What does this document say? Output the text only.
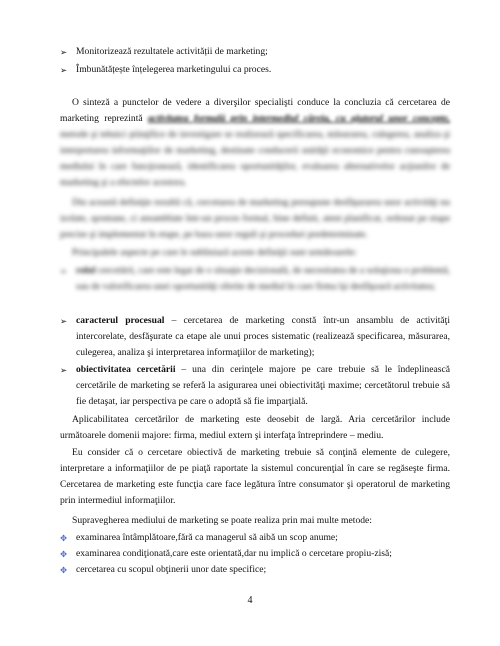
➢ Monitorizează rezultatele activității de marketing;
➢ Îmbunătățește înțelegerea marketingului ca proces.

O sinteză a punctelor de vedere a diverşilor specialişti conduce la concluzia că cercetarea de marketing reprezintă activitatea formală prin intermediul căreia, cu ajutorul unor concepte, metode şi tehnici ştiinţifice de investigare se realizează specificarea, măsurarea, culegerea, analiza şi interpretarea informaţiilor de marketing, destinate conducerii unităţii economice pentru cunoaşterea mediului în care funcţionează, identificarea oportunităţilor, evaluarea alternativelor acţiunilor de marketing şi a efectelor acestora.

Din această definiţie rezultă că, cercetarea de marketing presupune desfăşurarea unor activităţi nu izolate, spontane, ci ansamblate într-un proces formal, bine definit, atent planificat, ordonat pe etape precise şi implementat în etape, pe baza unor reguli şi proceduri predeterminate.

Principalele aspecte pe care le subliniază aceste definiţii sunt următoarele:

➢ rolul cercetării, care este legat de o situaţie decizională, de necesitatea de a soluţiona o problemă, sau de valorificarea unei oportunităţi oferite de mediul în care firma îşi desfăşoară activitatea;
➢ caracterul procesual – cercetarea de marketing constă într-un ansamblu de activităţi intercorelate, desfăşurate ca etape ale unui proces sistematic (realizează specificarea, măsurarea, culegerea, analiza şi interpretarea informaţiilor de marketing);
➢ obiectivitatea cercetării – una din cerinţele majore pe care trebuie să le îndeplinească cercetările de marketing se referă la asigurarea unei obiectivităţi maxime; cercetătorul trebuie să fie detaşat, iar perspectiva pe care o adoptă să fie imparţială.

Aplicabilitatea cercetărilor de marketing este deosebit de largă. Aria cercetărilor include următoarele domenii majore: firma, mediul extern şi interfaţa întreprindere – mediu.

Eu consider că o cercetare obiectivă de marketing trebuie să conţină elemente de culegere, interpretare a informaţiilor de pe piaţă raportate la sistemul concurenţial în care se regăseşte firma. Cercetarea de marketing este funcţia care face legătura între consumator şi operatorul de marketing prin intermediul informaţiilor.

Supravegherea mediului de marketing se poate realiza prin mai multe metode:

✥ examinarea întâmplătoare,fără ca managerul să aibă un scop anume;
✥ examinarea condiţionată,care este orientată,dar nu implică o cercetare propiu-zisă;
✥ cercetarea cu scopul obţinerii unor date specifice;
4
